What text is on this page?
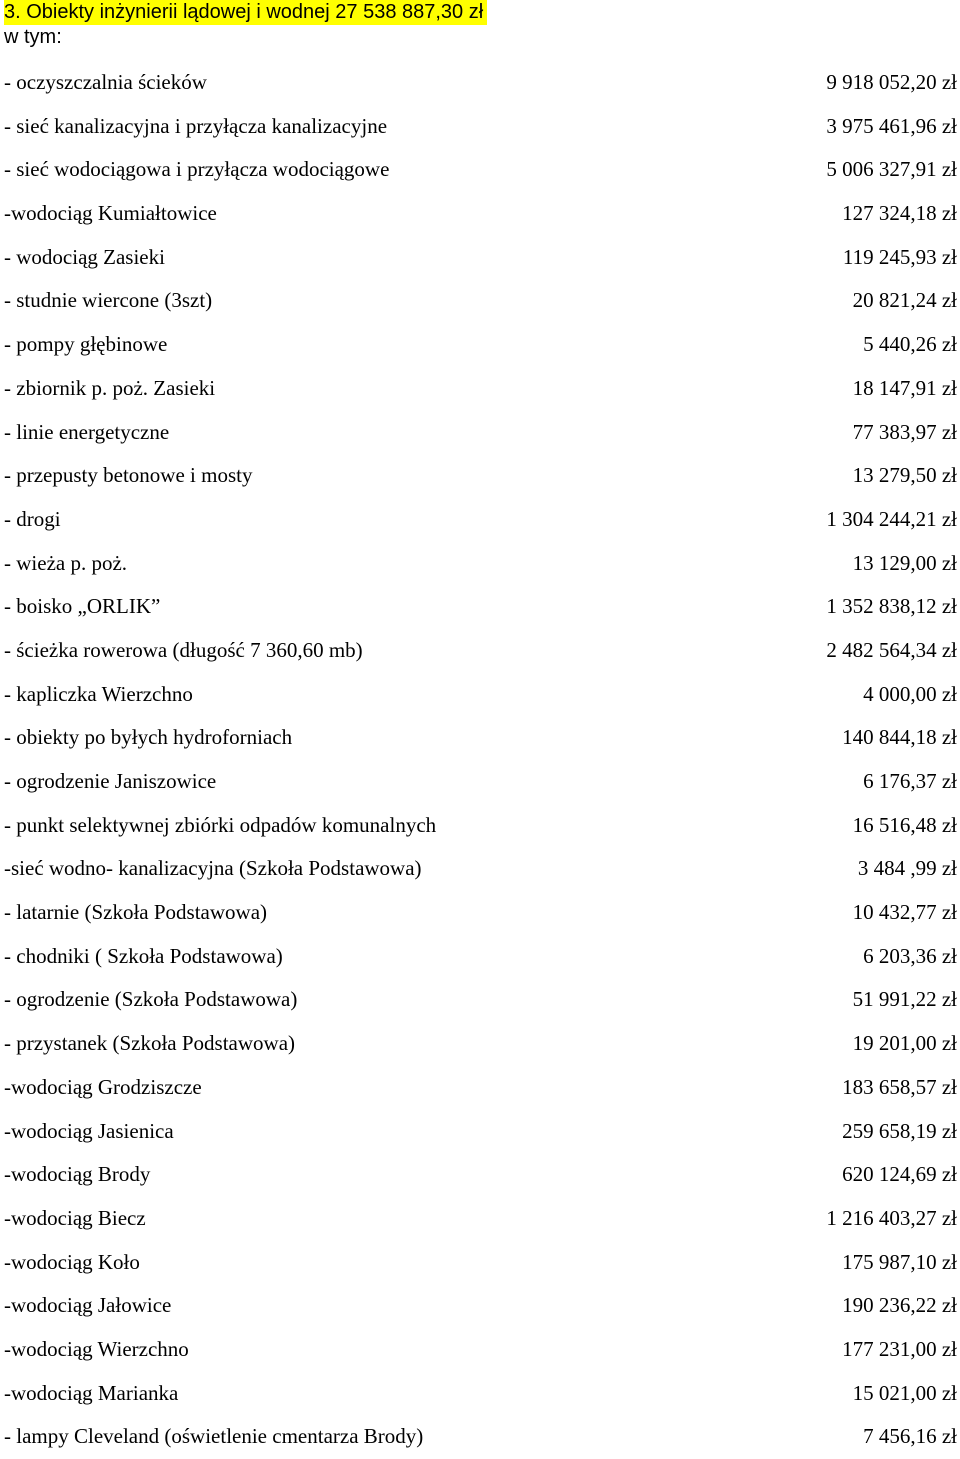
3. Obiekty inżynierii lądowej i wodnej 27 538 887,30 zł
w tym:
- oczyszczalnia ścieków	9 918 052,20 zł
- sieć kanalizacyjna i przyłącza kanalizacyjne	3 975 461,96 zł
- sieć wodociągowa i przyłącza wodociągowe	5 006 327,91 zł
-wodociąg Kumiałtowice	127 324,18 zł
- wodociąg Zasieki	119 245,93 zł
- studnie wiercone (3szt)	20 821,24 zł
- pompy głębinowe	5 440,26 zł
- zbiornik p. poż. Zasieki	18 147,91 zł
- linie energetyczne	77 383,97 zł
- przepusty betonowe i mosty	13 279,50 zł
- drogi	1 304 244,21 zł
- wieża p. poż.	13 129,00 zł
- boisko „ORLIK”	1 352 838,12 zł
- ścieżka rowerowa (długość 7 360,60 mb)	2 482 564,34 zł
- kapliczka Wierzchno	4 000,00 zł
- obiekty po byłych hydroforniach	140 844,18 zł
- ogrodzenie Janiszowice	6 176,37 zł
- punkt selektywnej zbiórki odpadów komunalnych	16 516,48 zł
-sieć wodno- kanalizacyjna (Szkoła Podstawowa)	3 484 ,99 zł
- latarnie (Szkoła Podstawowa)	10 432,77 zł
- chodniki ( Szkoła Podstawowa)	6 203,36 zł
- ogrodzenie (Szkoła Podstawowa)	51 991,22 zł
- przystanek (Szkoła Podstawowa)	19 201,00 zł
-wodociąg Grodziszcze	183 658,57 zł
-wodociąg Jasienica	259 658,19 zł
-wodociąg Brody	620 124,69 zł
-wodociąg Biecz	1 216 403,27 zł
-wodociąg Koło	175 987,10 zł
-wodociąg Jałowice	190 236,22 zł
-wodociąg Wierzchno	177 231,00 zł
-wodociąg Marianka	15 021,00 zł
- lampy Cleveland (oświetlenie cmentarza Brody)	7 456,16 zł
